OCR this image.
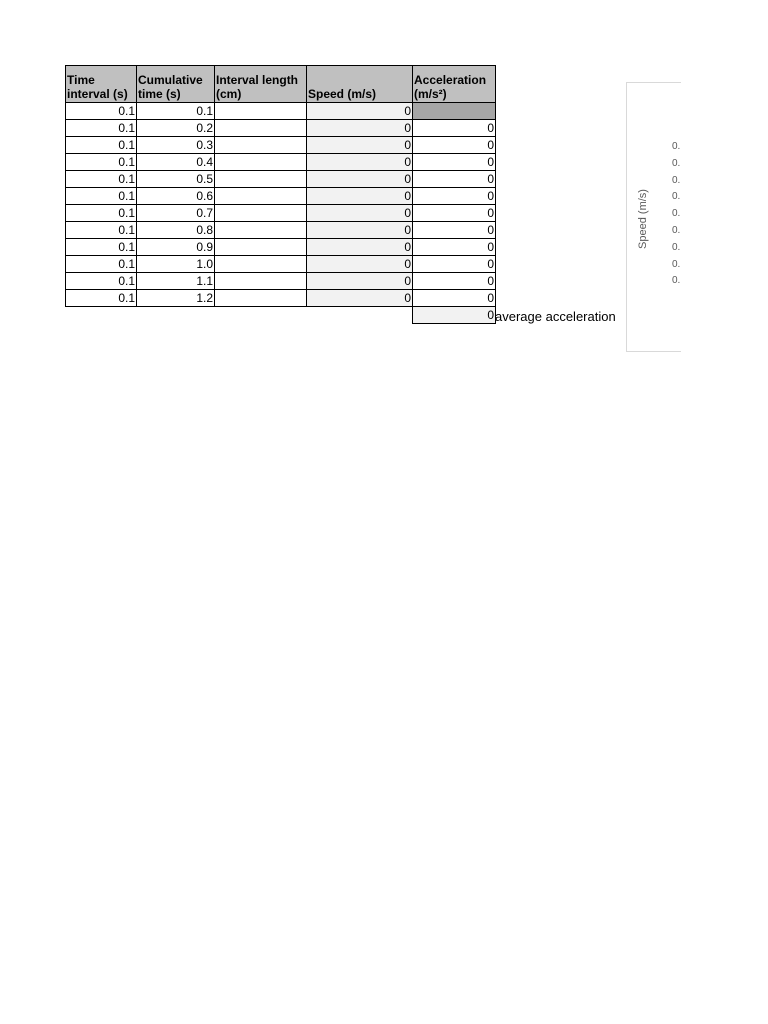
Time interval (s)	Cumulative time (s)	Interval length (cm)	Speed (m/s)	Acceleration (m/s²)
0.1	0.1		0	
0.1	0.2		0	0
0.1	0.3		0	0
0.1	0.4		0	0
0.1	0.5		0	0
0.1	0.6		0	0
0.1	0.7		0	0
0.1	0.8		0	0
0.1	0.9		0	0
0.1	1.0		0	0
0.1	1.1		0	0
0.1	1.2		0	0
				0 average acceleration
Speed (m/s)
0.
0.
0.
0.
0.
0.
0.
0.
0.
